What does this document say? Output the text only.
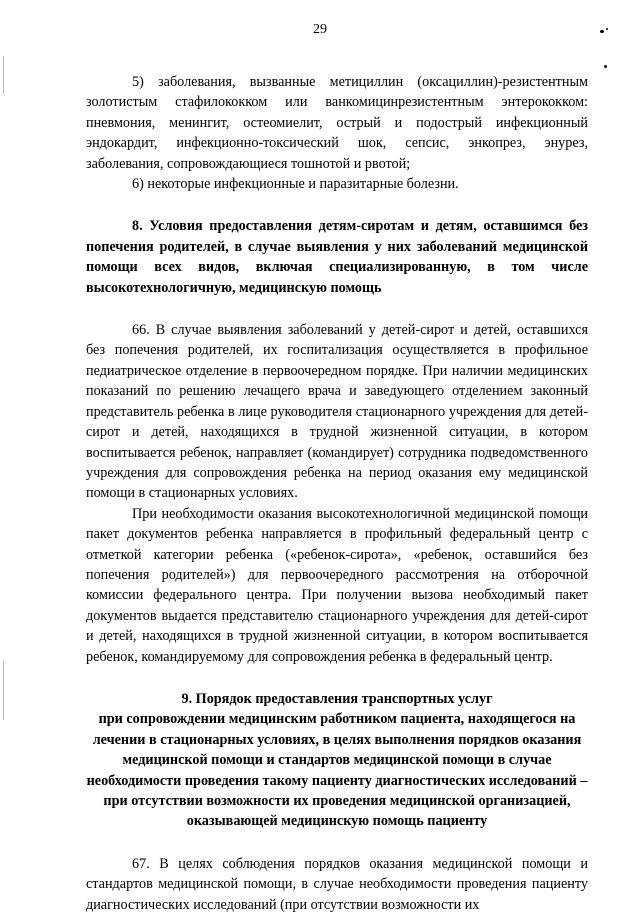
29

5) заболевания, вызванные метициллин (оксациллин)-резистентным золотистым стафилококком или ванкомицинрезистентным энтерококком: пневмония, менингит, остеомиелит, острый и подострый инфекционный эндокардит, инфекционно-токсический шок, сепсис, энкопрез, энурез, заболевания, сопровождающиеся тошнотой и рвотой;

6) некоторые инфекционные и паразитарные болезни.

8. Условия предоставления детям-сиротам и детям, оставшимся без попечения родителей, в случае выявления у них заболеваний медицинской помощи всех видов, включая специализированную, в том числе высокотехнологичную, медицинскую помощь

66. В случае выявления заболеваний у детей-сирот и детей, оставшихся без попечения родителей, их госпитализация осуществляется в профильное педиатрическое отделение в первоочередном порядке. При наличии медицинских показаний по решению лечащего врача и заведующего отделением законный представитель ребенка в лице руководителя стационарного учреждения для детей-сирот и детей, находящихся в трудной жизненной ситуации, в котором воспитывается ребенок, направляет (командирует) сотрудника подведомственного учреждения для сопровождения ребенка на период оказания ему медицинской помощи в стационарных условиях.

При необходимости оказания высокотехнологичной медицинской помощи пакет документов ребенка направляется в профильный федеральный центр с отметкой категории ребенка («ребенок-сирота», «ребенок, оставшийся без попечения родителей») для первоочередного рассмотрения на отборочной комиссии федерального центра. При получении вызова необходимый пакет документов выдается представителю стационарного учреждения для детей-сирот и детей, находящихся в трудной жизненной ситуации, в котором воспитывается ребенок, командируемому для сопровождения ребенка в федеральный центр.

9. Порядок предоставления транспортных услуг
при сопровождении медицинским работником пациента, находящегося на лечении в стационарных условиях, в целях выполнения порядков оказания медицинской помощи и стандартов медицинской помощи в случае необходимости проведения такому пациенту диагностических исследований – при отсутствии возможности их проведения медицинской организацией, оказывающей медицинскую помощь пациенту

67. В целях соблюдения порядков оказания медицинской помощи и стандартов медицинской помощи, в случае необходимости проведения пациенту диагностических исследований (при отсутствии возможности их
